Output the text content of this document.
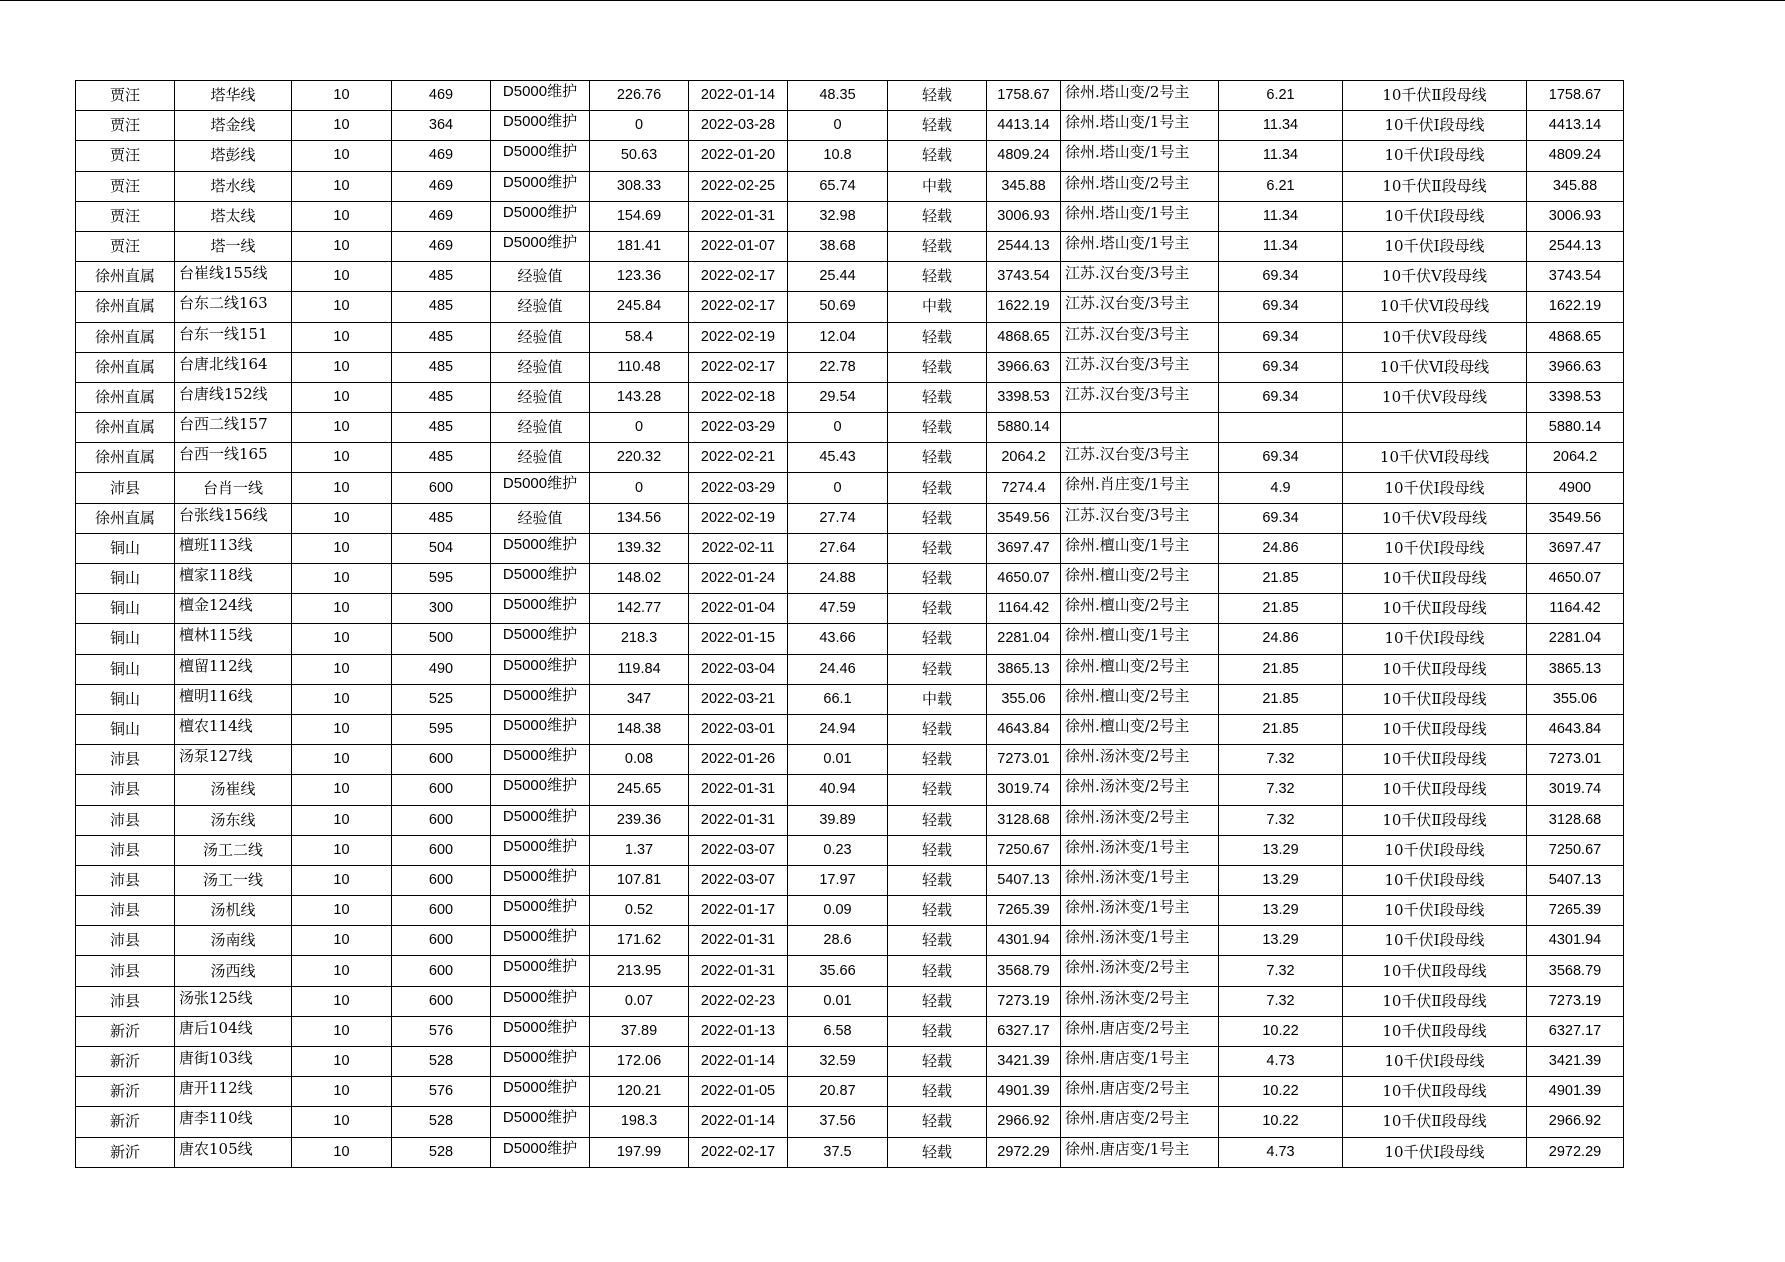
贾汪	塔华线	10	469	D5000维护	226.76	2022-01-14	48.35	轻载	1758.67	徐州.塔山变/2号主	6.21	10千伏Ⅱ段母线	1758.67
贾汪	塔金线	10	364	D5000维护	0	2022-03-28	0	轻载	4413.14	徐州.塔山变/1号主	11.34	10千伏Ⅰ段母线	4413.14
贾汪	塔彭线	10	469	D5000维护	50.63	2022-01-20	10.8	轻载	4809.24	徐州.塔山变/1号主	11.34	10千伏Ⅰ段母线	4809.24
贾汪	塔水线	10	469	D5000维护	308.33	2022-02-25	65.74	中载	345.88	徐州.塔山变/2号主	6.21	10千伏Ⅱ段母线	345.88
贾汪	塔太线	10	469	D5000维护	154.69	2022-01-31	32.98	轻载	3006.93	徐州.塔山变/1号主	11.34	10千伏Ⅰ段母线	3006.93
贾汪	塔一线	10	469	D5000维护	181.41	2022-01-07	38.68	轻载	2544.13	徐州.塔山变/1号主	11.34	10千伏Ⅰ段母线	2544.13
徐州直属	台崔线155线	10	485	经验值	123.36	2022-02-17	25.44	轻载	3743.54	江苏.汉台变/3号主	69.34	10千伏Ⅴ段母线	3743.54
徐州直属	台东二线163	10	485	经验值	245.84	2022-02-17	50.69	中载	1622.19	江苏.汉台变/3号主	69.34	10千伏Ⅵ段母线	1622.19
徐州直属	台东一线151	10	485	经验值	58.4	2022-02-19	12.04	轻载	4868.65	江苏.汉台变/3号主	69.34	10千伏Ⅴ段母线	4868.65
徐州直属	台唐北线164	10	485	经验值	110.48	2022-02-17	22.78	轻载	3966.63	江苏.汉台变/3号主	69.34	10千伏Ⅵ段母线	3966.63
徐州直属	台唐线152线	10	485	经验值	143.28	2022-02-18	29.54	轻载	3398.53	江苏.汉台变/3号主	69.34	10千伏Ⅴ段母线	3398.53
徐州直属	台西二线157	10	485	经验值	0	2022-03-29	0	轻载	5880.14				5880.14
徐州直属	台西一线165	10	485	经验值	220.32	2022-02-21	45.43	轻载	2064.2	江苏.汉台变/3号主	69.34	10千伏Ⅵ段母线	2064.2
沛县	台肖一线	10	600	D5000维护	0	2022-03-29	0	轻载	7274.4	徐州.肖庄变/1号主	4.9	10千伏Ⅰ段母线	4900
徐州直属	台张线156线	10	485	经验值	134.56	2022-02-19	27.74	轻载	3549.56	江苏.汉台变/3号主	69.34	10千伏Ⅴ段母线	3549.56
铜山	檀班113线	10	504	D5000维护	139.32	2022-02-11	27.64	轻载	3697.47	徐州.檀山变/1号主	24.86	10千伏Ⅰ段母线	3697.47
铜山	檀家118线	10	595	D5000维护	148.02	2022-01-24	24.88	轻载	4650.07	徐州.檀山变/2号主	21.85	10千伏Ⅱ段母线	4650.07
铜山	檀金124线	10	300	D5000维护	142.77	2022-01-04	47.59	轻载	1164.42	徐州.檀山变/2号主	21.85	10千伏Ⅱ段母线	1164.42
铜山	檀林115线	10	500	D5000维护	218.3	2022-01-15	43.66	轻载	2281.04	徐州.檀山变/1号主	24.86	10千伏Ⅰ段母线	2281.04
铜山	檀留112线	10	490	D5000维护	119.84	2022-03-04	24.46	轻载	3865.13	徐州.檀山变/2号主	21.85	10千伏Ⅱ段母线	3865.13
铜山	檀明116线	10	525	D5000维护	347	2022-03-21	66.1	中载	355.06	徐州.檀山变/2号主	21.85	10千伏Ⅱ段母线	355.06
铜山	檀农114线	10	595	D5000维护	148.38	2022-03-01	24.94	轻载	4643.84	徐州.檀山变/2号主	21.85	10千伏Ⅱ段母线	4643.84
沛县	汤泵127线	10	600	D5000维护	0.08	2022-01-26	0.01	轻载	7273.01	徐州.汤沐变/2号主	7.32	10千伏Ⅱ段母线	7273.01
沛县	汤崔线	10	600	D5000维护	245.65	2022-01-31	40.94	轻载	3019.74	徐州.汤沐变/2号主	7.32	10千伏Ⅱ段母线	3019.74
沛县	汤东线	10	600	D5000维护	239.36	2022-01-31	39.89	轻载	3128.68	徐州.汤沐变/2号主	7.32	10千伏Ⅱ段母线	3128.68
沛县	汤工二线	10	600	D5000维护	1.37	2022-03-07	0.23	轻载	7250.67	徐州.汤沐变/1号主	13.29	10千伏Ⅰ段母线	7250.67
沛县	汤工一线	10	600	D5000维护	107.81	2022-03-07	17.97	轻载	5407.13	徐州.汤沐变/1号主	13.29	10千伏Ⅰ段母线	5407.13
沛县	汤机线	10	600	D5000维护	0.52	2022-01-17	0.09	轻载	7265.39	徐州.汤沐变/1号主	13.29	10千伏Ⅰ段母线	7265.39
沛县	汤南线	10	600	D5000维护	171.62	2022-01-31	28.6	轻载	4301.94	徐州.汤沐变/1号主	13.29	10千伏Ⅰ段母线	4301.94
沛县	汤西线	10	600	D5000维护	213.95	2022-01-31	35.66	轻载	3568.79	徐州.汤沐变/2号主	7.32	10千伏Ⅱ段母线	3568.79
沛县	汤张125线	10	600	D5000维护	0.07	2022-02-23	0.01	轻载	7273.19	徐州.汤沐变/2号主	7.32	10千伏Ⅱ段母线	7273.19
新沂	唐后104线	10	576	D5000维护	37.89	2022-01-13	6.58	轻载	6327.17	徐州.唐店变/2号主	10.22	10千伏Ⅱ段母线	6327.17
新沂	唐街103线	10	528	D5000维护	172.06	2022-01-14	32.59	轻载	3421.39	徐州.唐店变/1号主	4.73	10千伏Ⅰ段母线	3421.39
新沂	唐开112线	10	576	D5000维护	120.21	2022-01-05	20.87	轻载	4901.39	徐州.唐店变/2号主	10.22	10千伏Ⅱ段母线	4901.39
新沂	唐李110线	10	528	D5000维护	198.3	2022-01-14	37.56	轻载	2966.92	徐州.唐店变/2号主	10.22	10千伏Ⅱ段母线	2966.92
新沂	唐农105线	10	528	D5000维护	197.99	2022-02-17	37.5	轻载	2972.29	徐州.唐店变/1号主	4.73	10千伏Ⅰ段母线	2972.29
